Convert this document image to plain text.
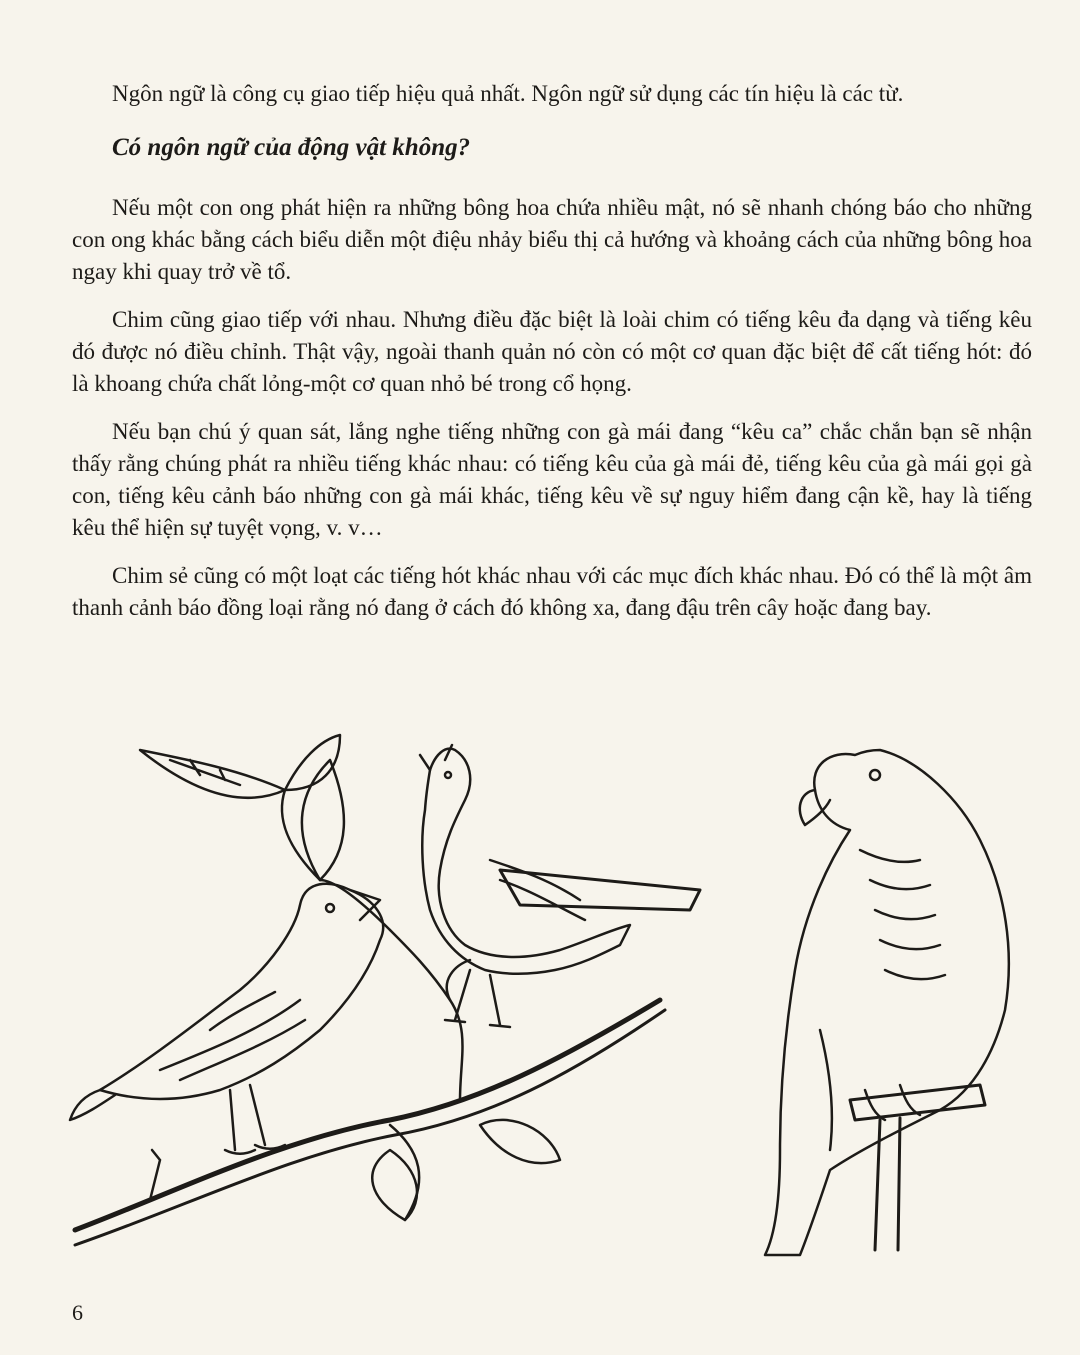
Ngôn ngữ là công cụ giao tiếp hiệu quả nhất. Ngôn ngữ sử dụng các tín hiệu là các từ.

Có ngôn ngữ của động vật không?

Nếu một con ong phát hiện ra những bông hoa chứa nhiều mật, nó sẽ nhanh chóng báo cho những con ong khác bằng cách biểu diễn một điệu nhảy biểu thị cả hướng và khoảng cách của những bông hoa ngay khi quay trở về tổ.

Chim cũng giao tiếp với nhau. Nhưng điều đặc biệt là loài chim có tiếng kêu đa dạng và tiếng kêu đó được nó điều chỉnh. Thật vậy, ngoài thanh quản nó còn có một cơ quan đặc biệt để cất tiếng hót: đó là khoang chứa chất lỏng-một cơ quan nhỏ bé trong cổ họng.

Nếu bạn chú ý quan sát, lắng nghe tiếng những con gà mái đang “kêu ca” chắc chắn bạn sẽ nhận thấy rằng chúng phát ra nhiều tiếng khác nhau: có tiếng kêu của gà mái đẻ, tiếng kêu của gà mái gọi gà con, tiếng kêu cảnh báo những con gà mái khác, tiếng kêu về sự nguy hiểm đang cận kề, hay là tiếng kêu thể hiện sự tuyệt vọng, v. v…

Chim sẻ cũng có một loạt các tiếng hót khác nhau với các mục đích khác nhau. Đó có thể là một âm thanh cảnh báo đồng loại rằng nó đang ở cách đó không xa, đang đậu trên cây hoặc đang bay.

6
